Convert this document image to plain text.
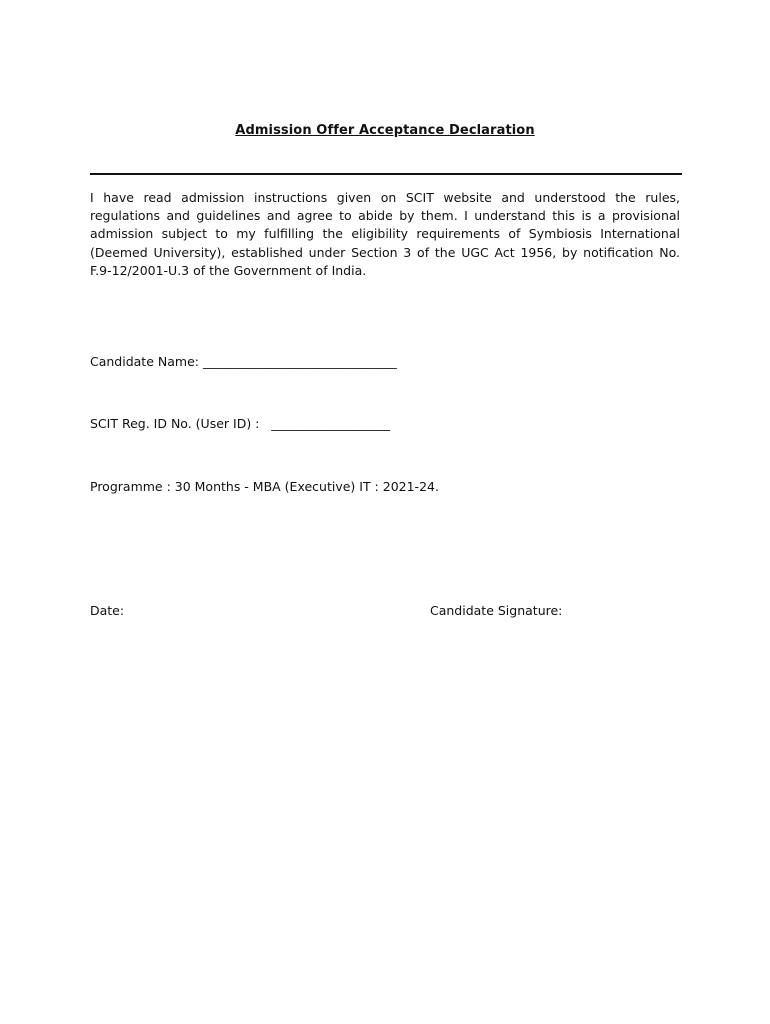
Admission Offer Acceptance Declaration

I have read admission instructions given on SCIT website and understood the rules, regulations and guidelines and agree to abide by them. I understand this is a provisional admission subject to my fulfilling the eligibility requirements of Symbiosis International (Deemed University), established under Section 3 of the UGC Act 1956, by notification No. F.9-12/2001-U.3 of the Government of India.

Candidate Name: _______________________________
SCIT Reg. ID No. (User ID) :   ___________________
Programme : 30 Months - MBA (Executive) IT : 2021-24.
Date:	Candidate Signature:
